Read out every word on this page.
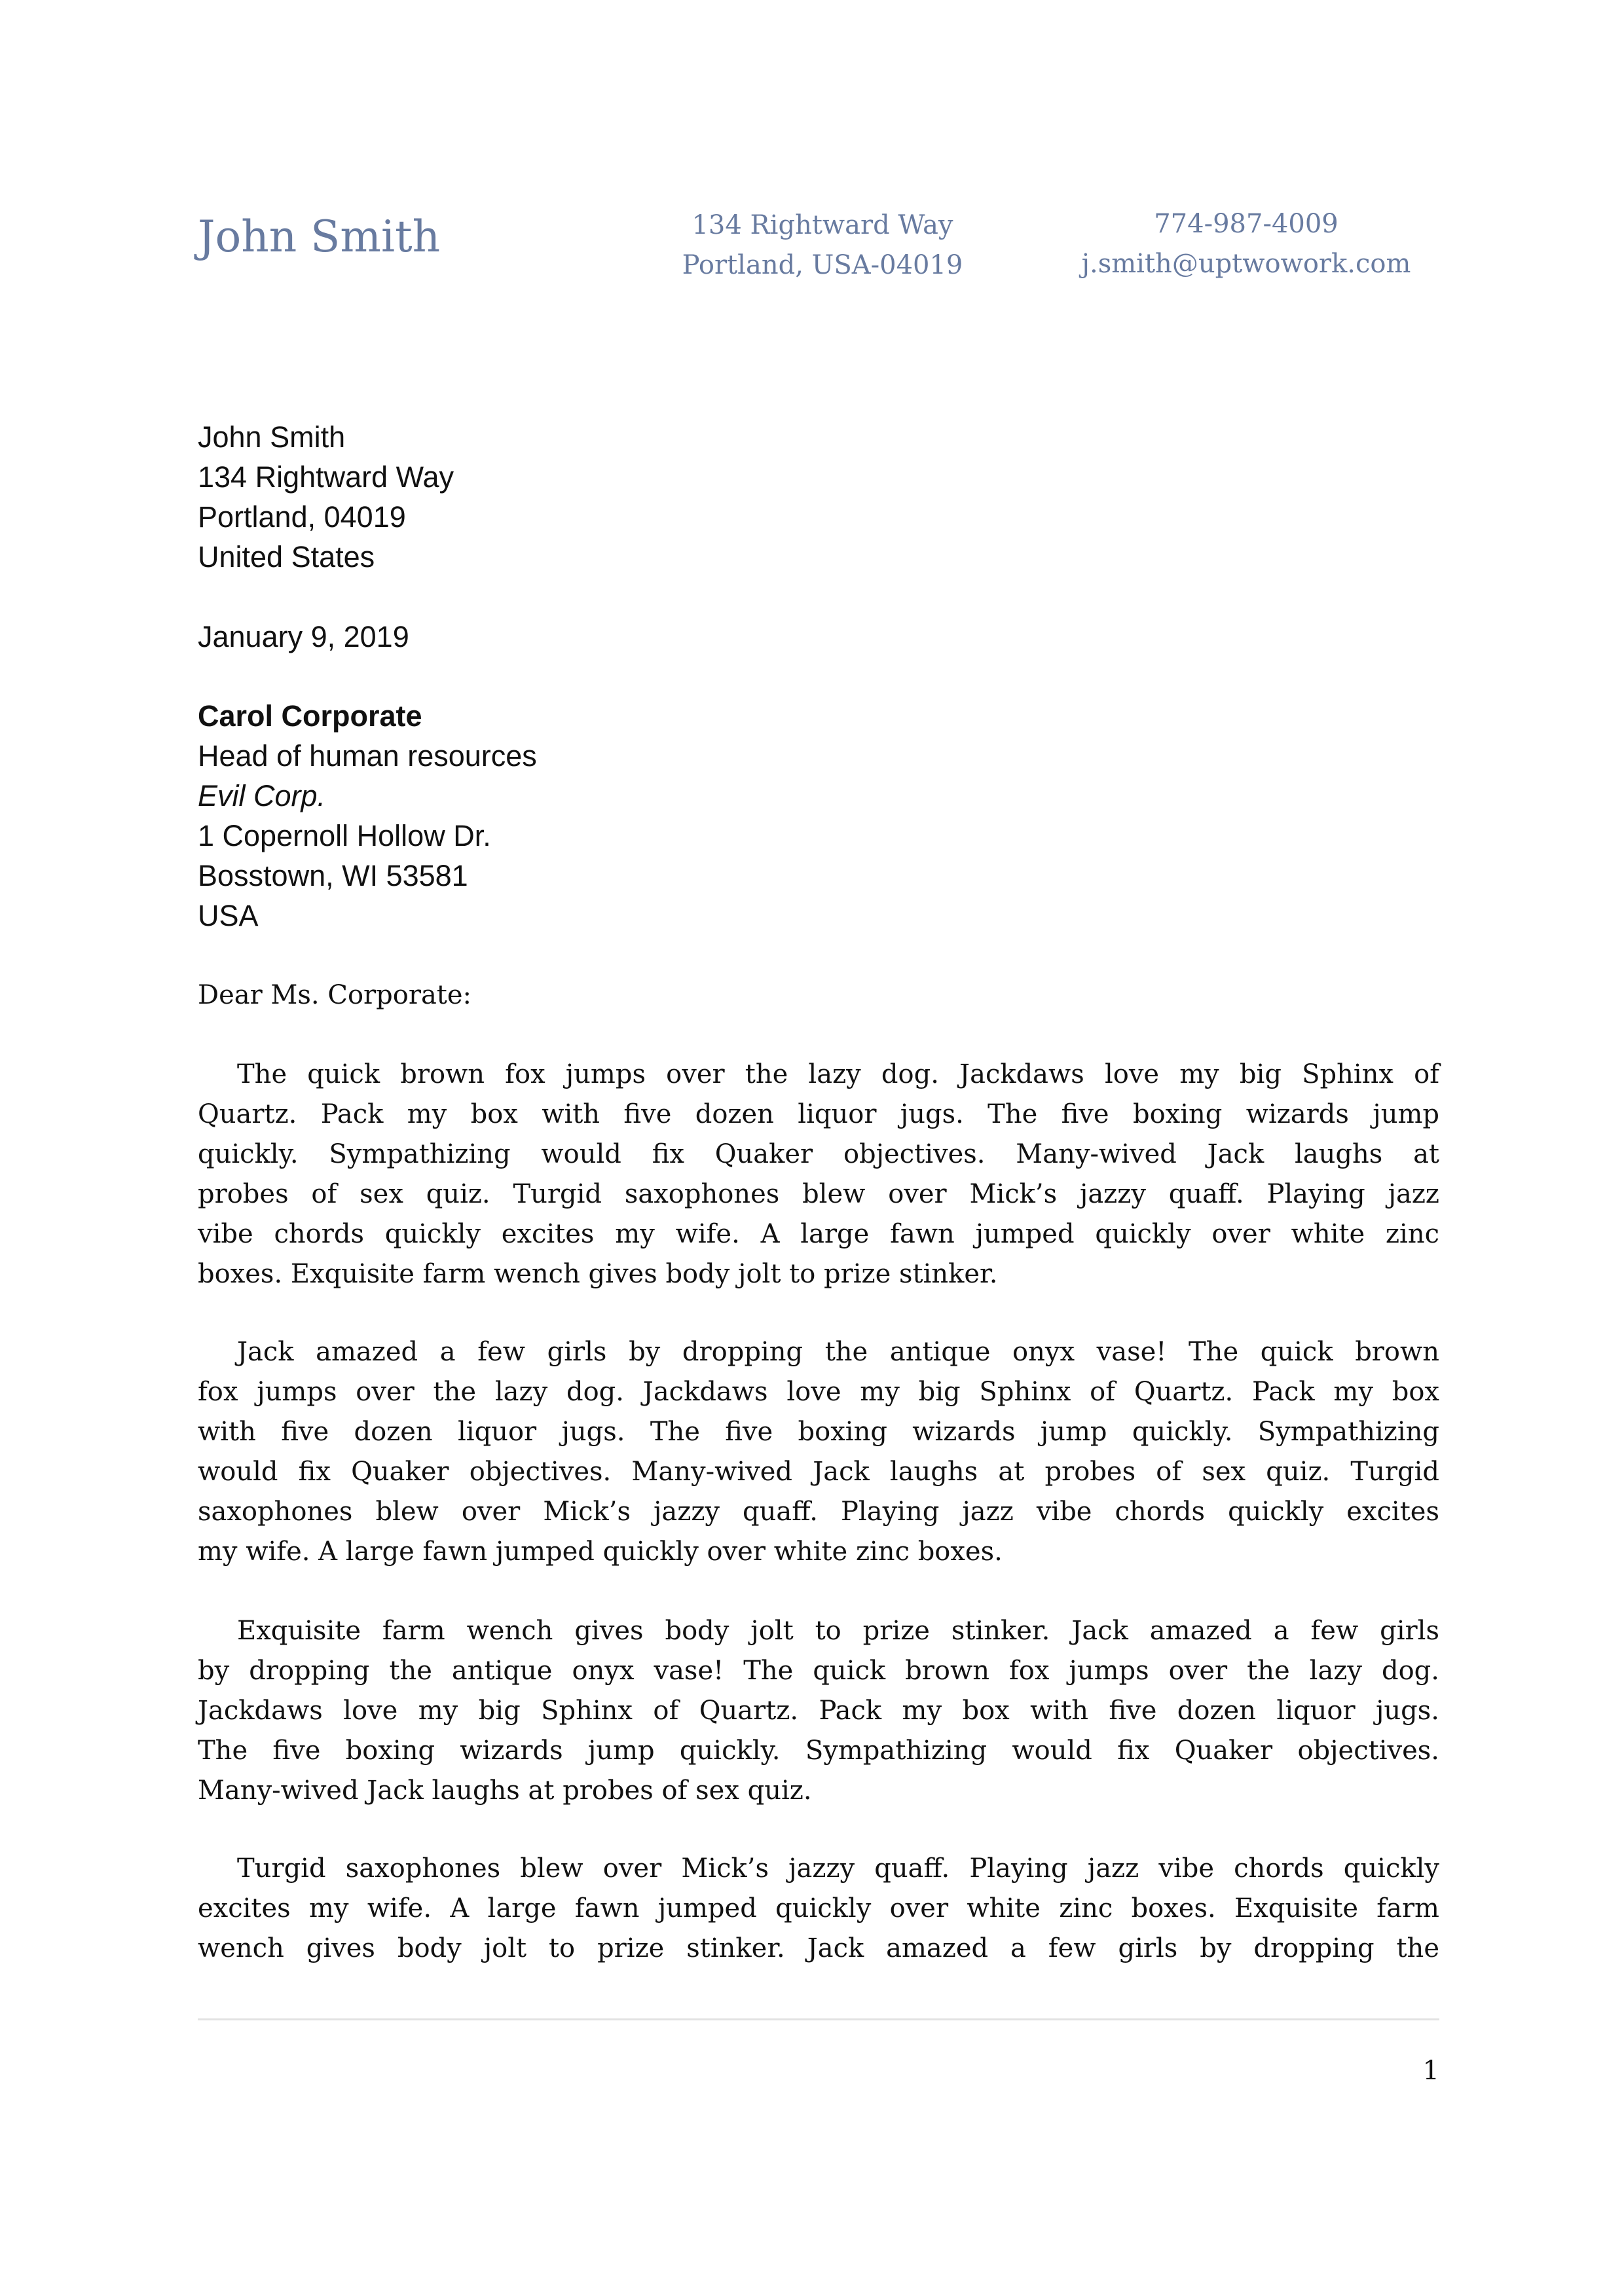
John Smith	134 Rightward Way
Portland, USA-04019
774-987-4009
j.smith@uptwowork.com
John Smith
134 Rightward Way
Portland, 04019
United States
January 9, 2019
Carol Corporate
Head of human resources
Evil Corp.
1 Copernoll Hollow Dr.
Bosstown, WI 53581
USA
Dear Ms. Corporate:
The quick brown fox jumps over the lazy dog. Jackdaws love my big Sphinx of
Quartz. Pack my box with five dozen liquor jugs. The five boxing wizards jump
quickly. Sympathizing would fix Quaker objectives. Many-wived Jack laughs at
probes of sex quiz. Turgid saxophones blew over Mick’s jazzy quaff. Playing jazz
vibe chords quickly excites my wife. A large fawn jumped quickly over white zinc
boxes. Exquisite farm wench gives body jolt to prize stinker.
Jack amazed a few girls by dropping the antique onyx vase! The quick brown
fox jumps over the lazy dog. Jackdaws love my big Sphinx of Quartz. Pack my box
with five dozen liquor jugs. The five boxing wizards jump quickly. Sympathizing
would fix Quaker objectives. Many-wived Jack laughs at probes of sex quiz. Turgid
saxophones blew over Mick’s jazzy quaff. Playing jazz vibe chords quickly excites
my wife. A large fawn jumped quickly over white zinc boxes.
Exquisite farm wench gives body jolt to prize stinker. Jack amazed a few girls
by dropping the antique onyx vase! The quick brown fox jumps over the lazy dog.
Jackdaws love my big Sphinx of Quartz. Pack my box with five dozen liquor jugs.
The five boxing wizards jump quickly. Sympathizing would fix Quaker objectives.
Many-wived Jack laughs at probes of sex quiz.
Turgid saxophones blew over Mick’s jazzy quaff. Playing jazz vibe chords quickly
excites my wife. A large fawn jumped quickly over white zinc boxes. Exquisite farm
wench gives body jolt to prize stinker. Jack amazed a few girls by dropping the
1
